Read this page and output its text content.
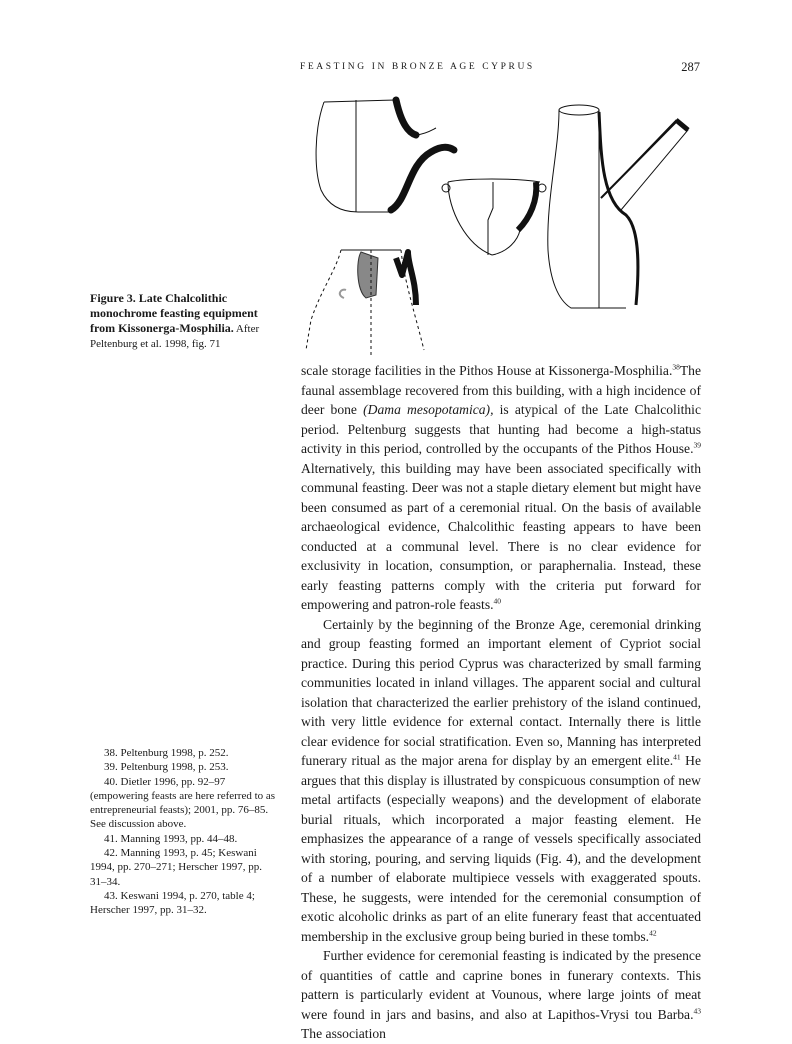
FEASTING IN BRONZE AGE CYPRUS	287
Figure 3. Late Chalcolithic monochrome feasting equipment from Kissonerga-Mosphilia. After Peltenburg et al. 1998, fig. 71

scale storage facilities in the Pithos House at Kissonerga-Mosphilia.$^{38}$The faunal assemblage recovered from this building, with a high incidence of deer bone (Dama mesopotamica), is atypical of the Late Chalcolithic period. Peltenburg suggests that hunting had become a high-status activity in this period, controlled by the occupants of the Pithos House.$^{39}$ Alternatively, this building may have been associated specifically with communal feasting. Deer was not a staple dietary element but might have been consumed as part of a ceremonial ritual. On the basis of available archaeological evidence, Chalcolithic feasting appears to have been conducted at a communal level. There is no clear evidence for exclusivity in location, consumption, or paraphernalia. Instead, these early feasting patterns comply with the criteria put forward for empowering and patron-role feasts.$^{40}$

Certainly by the beginning of the Bronze Age, ceremonial drinking and group feasting formed an important element of Cypriot social practice. During this period Cyprus was characterized by small farming communities located in inland villages. The apparent social and cultural isolation that characterized the earlier prehistory of the island continued, with very little evidence for external contact. Internally there is little clear evidence for social stratification. Even so, Manning has interpreted funerary ritual as the major arena for display by an emergent elite.$^{41}$ He argues that this display is illustrated by conspicuous consumption of new metal artifacts (especially weapons) and the development of elaborate burial rituals, which incorporated a major feasting element. He emphasizes the appearance of a range of vessels specifically associated with storing, pouring, and serving liquids (Fig. 4), and the development of a number of elaborate multipiece vessels with exaggerated spouts. These, he suggests, were intended for the ceremonial consumption of exotic alcoholic drinks as part of an elite funerary feast that accentuated membership in the exclusive group being buried in these tombs.$^{42}$

Further evidence for ceremonial feasting is indicated by the presence of quantities of cattle and caprine bones in funerary contexts. This pattern is particularly evident at Vounous, where large joints of meat were found in jars and basins, and also at Lapithos-Vrysi tou Barba.$^{43}$ The association

38. Peltenburg 1998, p. 252.

39. Peltenburg 1998, p. 253.

40. Dietler 1996, pp. 92–97 (empowering feasts are here referred to as entrepreneurial feasts); 2001, pp. 76–85. See discussion above.

41. Manning 1993, pp. 44–48.

42. Manning 1993, p. 45; Keswani 1994, pp. 270–271; Herscher 1997, pp. 31–34.

43. Keswani 1994, p. 270, table 4; Herscher 1997, pp. 31–32.
